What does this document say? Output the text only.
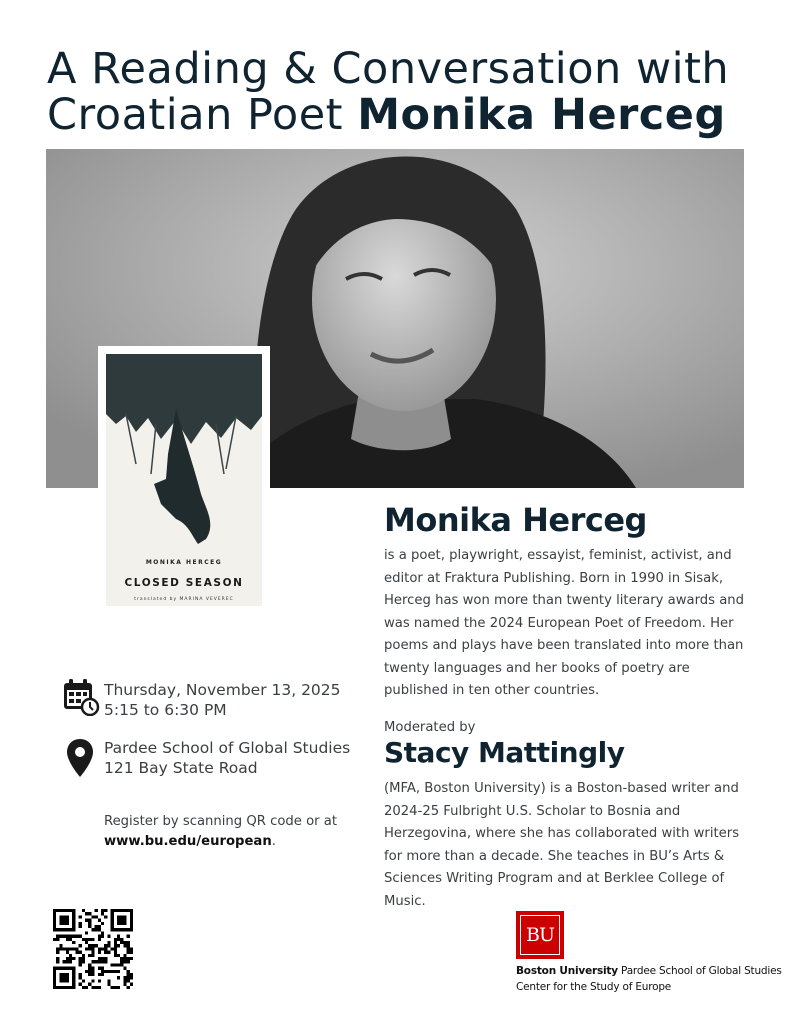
A Reading & Conversation with
Croatian Poet Monika Herceg
MONIKA HERCEG
CLOSED SEASON
translated by MARINA VEVEREC
Monika Herceg
is a poet, playwright, essayist, feminist, activist, and editor at Fraktura Publishing. Born in 1990 in Sisak, Herceg has won more than twenty literary awards and was named the 2024 European Poet of Freedom. Her poems and plays have been translated into more than twenty languages and her books of poetry are published in ten other countries.
Moderated by
Stacy Mattingly
(MFA, Boston University) is a Boston-based writer and 2024-25 Fulbright U.S. Scholar to Bosnia and Herzegovina, where she has collaborated with writers for more than a decade. She teaches in BU’s Arts & Sciences Writing Program and at Berklee College of Music.
Thursday, November 13, 2025
5:15 to 6:30 PM
Pardee School of Global Studies
121 Bay State Road
Register by scanning QR code or at
www.bu.edu/european.
BU
Boston University Pardee School of Global Studies
Center for the Study of Europe
